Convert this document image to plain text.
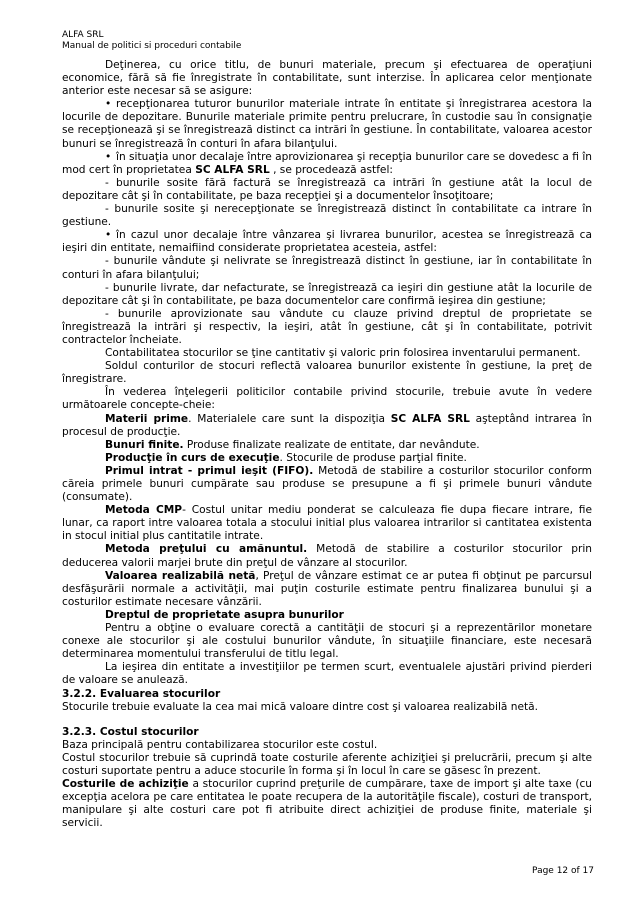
ALFA SRL
Manual de politici si proceduri contabile

Deţinerea, cu orice titlu, de bunuri materiale, precum şi efectuarea de operaţiuni economice, fără să fie înregistrate în contabilitate, sunt interzise. În aplicarea celor menţionate anterior este necesar să se asigure:

• recepţionarea tuturor bunurilor materiale intrate în entitate şi înregistrarea acestora la locurile de depozitare. Bunurile materiale primite pentru prelucrare, în custodie sau în consignaţie se recepţionează şi se înregistrează distinct ca intrări în gestiune. În contabilitate, valoarea acestor bunuri se înregistrează în conturi în afara bilanţului.

• în situaţia unor decalaje între aprovizionarea şi recepţia bunurilor care se dovedesc a fi în mod cert în proprietatea SC ALFA SRL , se procedează astfel:

- bunurile sosite fără factură se înregistrează ca intrări în gestiune atât la locul de depozitare cât şi în contabilitate, pe baza recepţiei şi a documentelor însoţitoare;

- bunurile sosite şi nerecepţionate se înregistrează distinct în contabilitate ca intrare în gestiune.

• în cazul unor decalaje între vânzarea şi livrarea bunurilor, acestea se înregistrează ca ieşiri din entitate, nemaifiind considerate proprietatea acesteia, astfel:

- bunurile vândute şi nelivrate se înregistrează distinct în gestiune, iar în contabilitate în conturi în afara bilanţului;

- bunurile livrate, dar nefacturate, se înregistrează ca ieşiri din gestiune atât la locurile de depozitare cât şi în contabilitate, pe baza documentelor care confirmă ieşirea din gestiune;

- bunurile aprovizionate sau vândute cu clauze privind dreptul de proprietate se înregistrează la intrări şi respectiv, la ieşiri, atât în gestiune, cât şi în contabilitate, potrivit contractelor încheiate.

Contabilitatea stocurilor se ţine cantitativ şi valoric prin folosirea inventarului permanent.

Soldul conturilor de stocuri reflectă valoarea bunurilor existente în gestiune, la preţ de înregistrare.

În vederea înţelegerii politicilor contabile privind stocurile, trebuie avute în vedere următoarele concepte-cheie:

Materii prime. Materialele care sunt la dispoziţia SC ALFA SRL aşteptând intrarea în procesul de producţie.

Bunuri finite. Produse finalizate realizate de entitate, dar nevândute.

Producţie în curs de execuţie. Stocurile de produse parţial finite.

Primul intrat - primul ieşit (FIFO). Metodă de stabilire a costurilor stocurilor conform căreia primele bunuri cumpărate sau produse se presupune a fi şi primele bunuri vândute (consumate).

Metoda CMP- Costul unitar mediu ponderat se calculeaza fie dupa fiecare intrare, fie lunar, ca raport intre valoarea totala a stocului initial plus valoarea intrarilor si cantitatea existenta in stocul initial plus cantitatile intrate.

Metoda preţului cu amănuntul. Metodă de stabilire a costurilor stocurilor prin deducerea valorii marjei brute din preţul de vânzare al stocurilor.

Valoarea realizabilă netă, Preţul de vânzare estimat ce ar putea fi obţinut pe parcursul desfăşurării normale a activităţii, mai puţin costurile estimate pentru finalizarea bunului şi a costurilor estimate necesare vânzării.

Dreptul de proprietate asupra bunurilor

Pentru a obţine o evaluare corectă a cantităţii de stocuri şi a reprezentărilor monetare conexe ale stocurilor şi ale costului bunurilor vândute, în situaţiile financiare, este necesară determinarea momentului transferului de titlu legal.

La ieşirea din entitate a investiţiilor pe termen scurt, eventualele ajustări privind pierderi de valoare se anulează.

3.2.2. Evaluarea stocurilor

Stocurile trebuie evaluate la cea mai mică valoare dintre cost şi valoarea realizabilă netă.

3.2.3. Costul stocurilor

Baza principală pentru contabilizarea stocurilor este costul.

Costul stocurilor trebuie să cuprindă toate costurile aferente achiziţiei şi prelucrării, precum şi alte costuri suportate pentru a aduce stocurile în forma şi în locul în care se găsesc în prezent.

Costurile de achiziţie a stocurilor cuprind preţurile de cumpărare, taxe de import şi alte taxe (cu excepţia acelora pe care entitatea le poate recupera de la autorităţile fiscale), costuri de transport, manipulare şi alte costuri care pot fi atribuite direct achiziţiei de produse finite, materiale şi servicii.

Page 12 of 17
